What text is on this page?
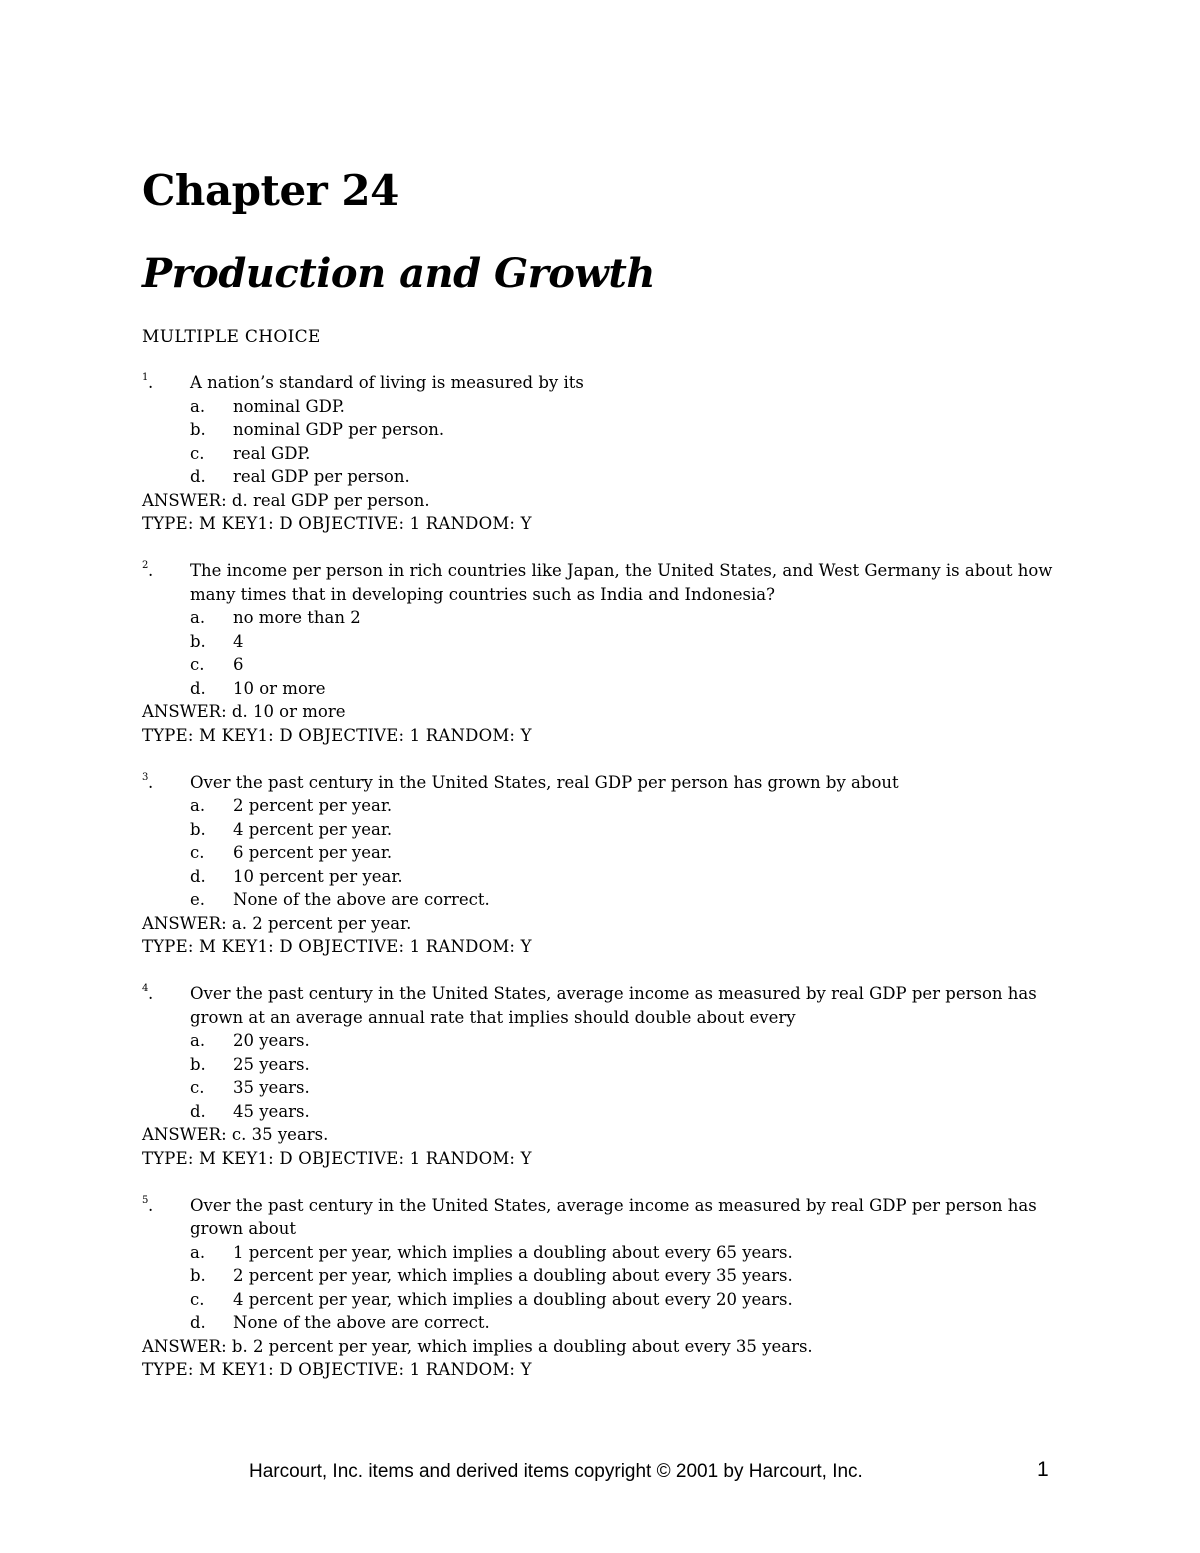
Chapter 24
Production and Growth
MULTIPLE CHOICE
1 . A nation’s standard of living is measured by its
a. nominal GDP.
b. nominal GDP per person.
c. real GDP.
d. real GDP per person.
ANSWER: d. real GDP per person.
TYPE: M KEY1: D OBJECTIVE: 1 RANDOM: Y
2 . The income per person in rich countries like Japan, the United States, and West Germany is about how many times that in developing countries such as India and Indonesia?
a. no more than 2
b. 4
c. 6
d. 10 or more
ANSWER: d. 10 or more
TYPE: M KEY1: D OBJECTIVE: 1 RANDOM: Y
3 . Over the past century in the United States, real GDP per person has grown by about
a. 2 percent per year.
b. 4 percent per year.
c. 6 percent per year.
d. 10 percent per year.
e. None of the above are correct.
ANSWER: a. 2 percent per year.
TYPE: M KEY1: D OBJECTIVE: 1 RANDOM: Y
4 . Over the past century in the United States, average income as measured by real GDP per person has grown at an average annual rate that implies should double about every
a. 20 years.
b. 25 years.
c. 35 years.
d. 45 years.
ANSWER: c. 35 years.
TYPE: M KEY1: D OBJECTIVE: 1 RANDOM: Y
5 . Over the past century in the United States, average income as measured by real GDP per person has grown about
a. 1 percent per year, which implies a doubling about every 65 years.
b. 2 percent per year, which implies a doubling about every 35 years.
c. 4 percent per year, which implies a doubling about every 20 years.
d. None of the above are correct.
ANSWER: b. 2 percent per year, which implies a doubling about every 35 years.
TYPE: M KEY1: D OBJECTIVE: 1 RANDOM: Y
Harcourt, Inc. items and derived items copyright © 2001 by Harcourt, Inc.	1
